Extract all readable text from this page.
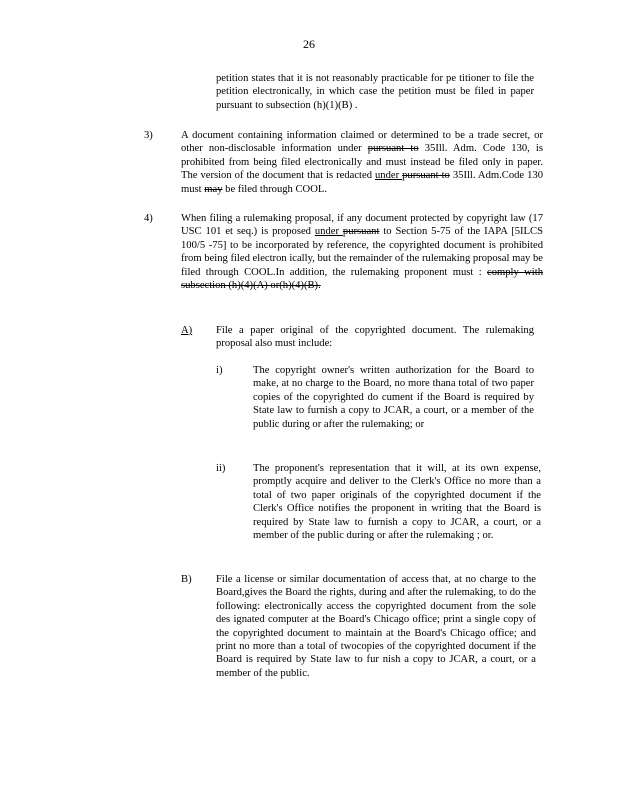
26
petition states that it is not reasonably practicable for pe titioner to file the petition electronically, in which case the petition must be filed in paper pursuant to subsection (h)(1)(B) .
3)	A document containing information claimed or determined to be a trade secret, or other non-disclosable information under pursuant to 35Ill. Adm. Code 130, is prohibited from being filed electronically and must instead be filed only in paper. The version of the document that is redacted under pursuant to 35Ill. Adm.Code 130 must may be filed through COOL.
4)	When filing a rulemaking proposal, if any document protected by copyright law (17 USC 101 et seq.) is proposed under pursuant to Section 5-75 of the IAPA [5ILCS 100/5 -75] to be incorporated by reference, the copyrighted document is prohibited from being filed electron ically, but the remainder of the rulemaking proposal may be filed through COOL.In addition, the rulemaking proponent must : comply with subsection (h)(4)(A) or(h)(4)(B).
A) File a paper original of the copyrighted document. The rulemaking proposal also must include:
i)	The copyright owner's written authorization for the Board to make, at no charge to the Board, no more thana total of two paper copies of the copyrighted do cument if the Board is required by State law to furnish a copy to JCAR, a court, or a member of the public during or after the rulemaking; or
ii)	The proponent's representation that it will, at its own expense, promptly acquire and deliver to the Clerk's Office no more than a total of two paper originals of the copyrighted document if the Clerk's Office notifies the proponent in writing that the Board is required by State law to furnish a copy to JCAR, a court, or a member of the public during or after the rulemaking ; or.
B) File a license or similar documentation of access that, at no charge to the Board,gives the Board the rights, during and after the rulemaking, to do the following: electronically access the copyrighted document from the sole des ignated computer at the Board's Chicago office; print a single copy of the copyrighted document to maintain at the Board's Chicago office; and print no more than a total of twocopies of the copyrighted document if the Board is required by State law to fur nish a copy to JCAR, a court, or a member of the public.
